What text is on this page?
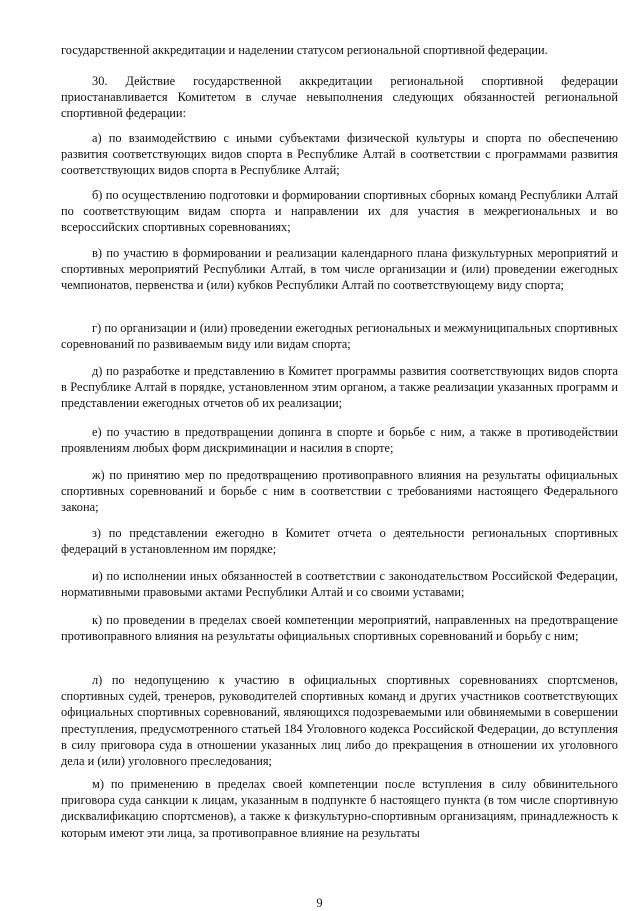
государственной аккредитации и наделении статусом региональной спортивной федерации.

30. Действие государственной аккредитации региональной спортивной федерации приостанавливается Комитетом в случае невыполнения следующих обязанностей региональной спортивной федерации:

а) по взаимодействию с иными субъектами физической культуры и спорта по обеспечению развития соответствующих видов спорта в Республике Алтай в соответствии с программами развития соответствующих видов спорта в Республике Алтай;

б) по осуществлению подготовки и формировании спортивных сборных команд Республики Алтай по соответствующим видам спорта и направлении их для участия в межрегиональных и во всероссийских спортивных соревнованиях;

в) по участию в формировании и реализации календарного плана физкультурных мероприятий и спортивных мероприятий Республики Алтай, в том числе организации и (или) проведении ежегодных чемпионатов, первенства и (или) кубков Республики Алтай по соответствующему виду спорта;

г) по организации и (или) проведении ежегодных региональных и межмуниципальных спортивных соревнований по развиваемым виду или видам спорта;

д) по разработке и представлению в Комитет программы развития соответствующих видов спорта в Республике Алтай в порядке, установленном этим органом, а также реализации указанных программ и представлении ежегодных отчетов об их реализации;

е) по участию в предотвращении допинга в спорте и борьбе с ним, а также в противодействии проявлениям любых форм дискриминации и насилия в спорте;

ж) по принятию мер по предотвращению противоправного влияния на результаты официальных спортивных соревнований и борьбе с ним в соответствии с требованиями настоящего Федерального закона;

з) по представлении ежегодно в Комитет отчета о деятельности региональных спортивных федераций в установленном им порядке;

и) по исполнении иных обязанностей в соответствии с законодательством Российской Федерации, нормативными правовыми актами Республики Алтай и со своими уставами;

к) по проведении в пределах своей компетенции мероприятий, направленных на предотвращение противоправного влияния на результаты официальных спортивных соревнований и борьбу с ним;

л) по недопущению к участию в официальных спортивных соревнованиях спортсменов, спортивных судей, тренеров, руководителей спортивных команд и других участников соответствующих официальных спортивных соревнований, являющихся подозреваемыми или обвиняемыми в совершении преступления, предусмотренного статьей 184 Уголовного кодекса Российской Федерации, до вступления в силу приговора суда в отношении указанных лиц либо до прекращения в отношении их уголовного дела и (или) уголовного преследования;

м) по применению в пределах своей компетенции после вступления в силу обвинительного приговора суда санкции к лицам, указанным в подпункте б настоящего пункта (в том числе спортивную дисквалификацию спортсменов), а также к физкультурно-спортивным организациям, принадлежность к которым имеют эти лица, за противоправное влияние на результаты

9
